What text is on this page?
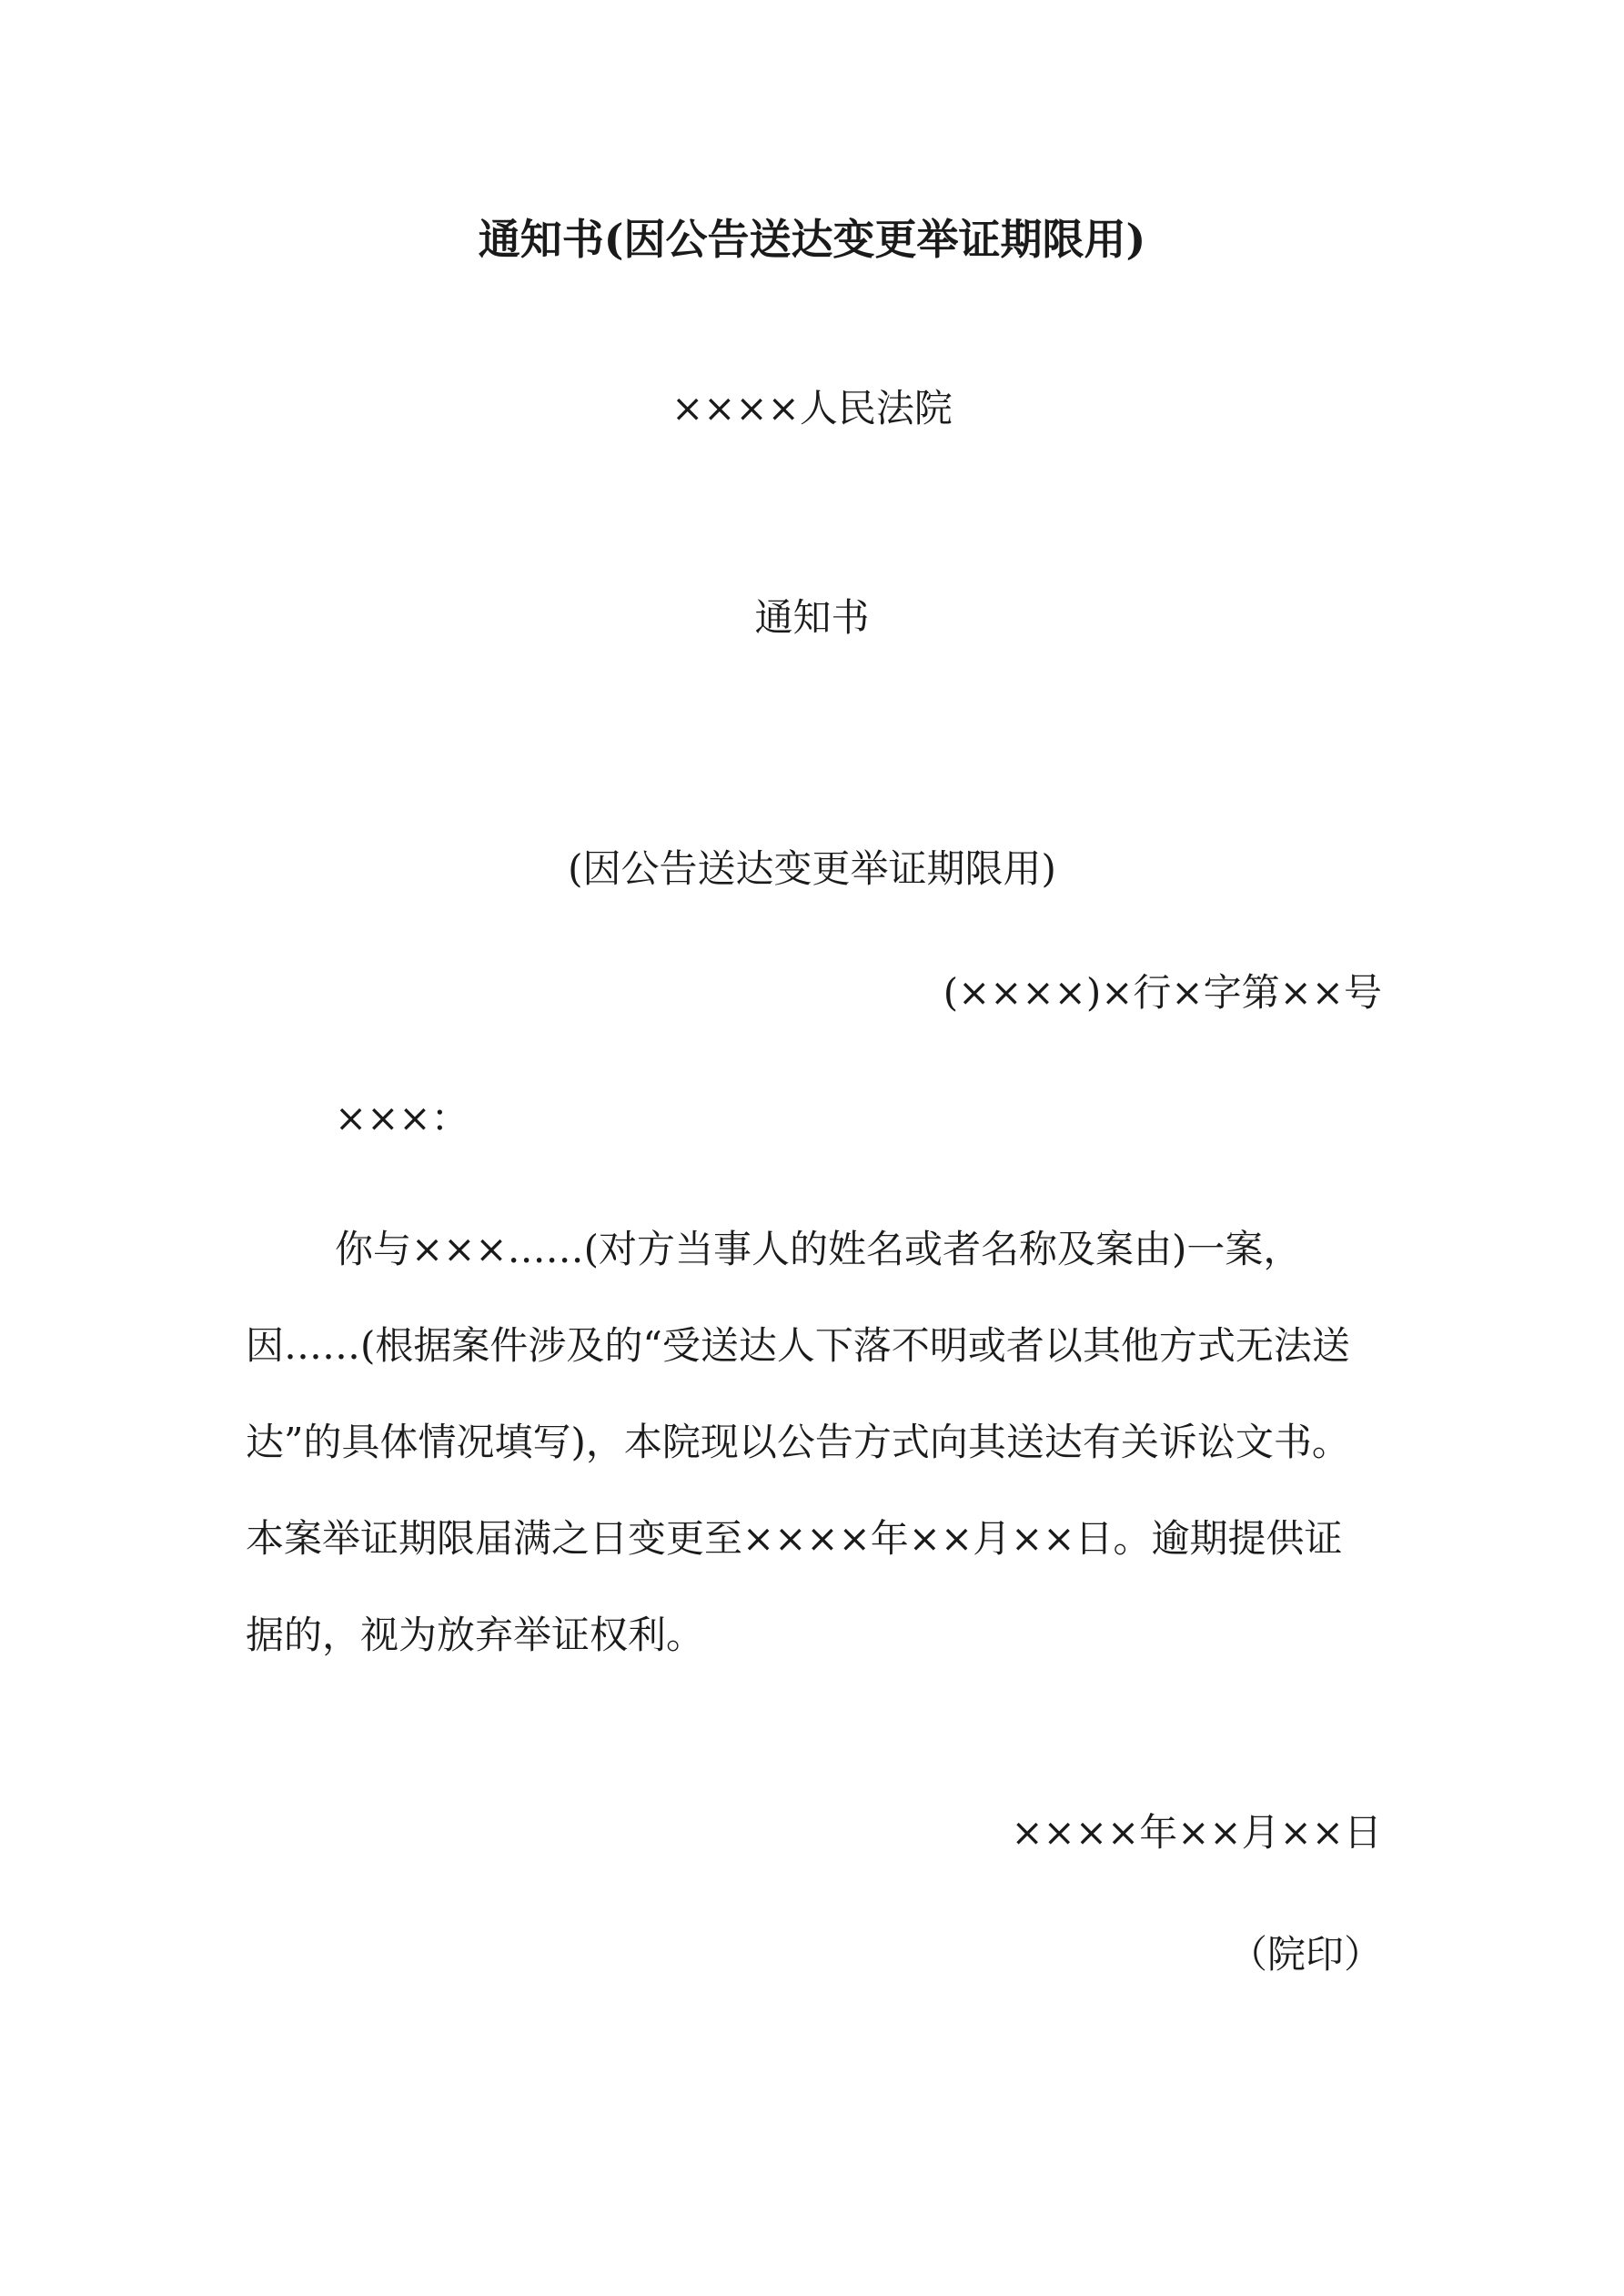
通知书(因公告送达变更举证期限用)
××××人民法院
通知书
(因公告送达变更举证期限用)
(××××)×行×字第××号
×××：
你与×××……(对方当事人的姓名或者名称及案由)一案，
因……(根据案件涉及的“受送达人下落不明或者以其他方式无法送
达”的具体情况填写)，本院现以公告方式向其送达有关诉讼文书。
本案举证期限届满之日变更至××××年××月××日。逾期提供证
据的，视为放弃举证权利。
××××年××月××日
（院印）
